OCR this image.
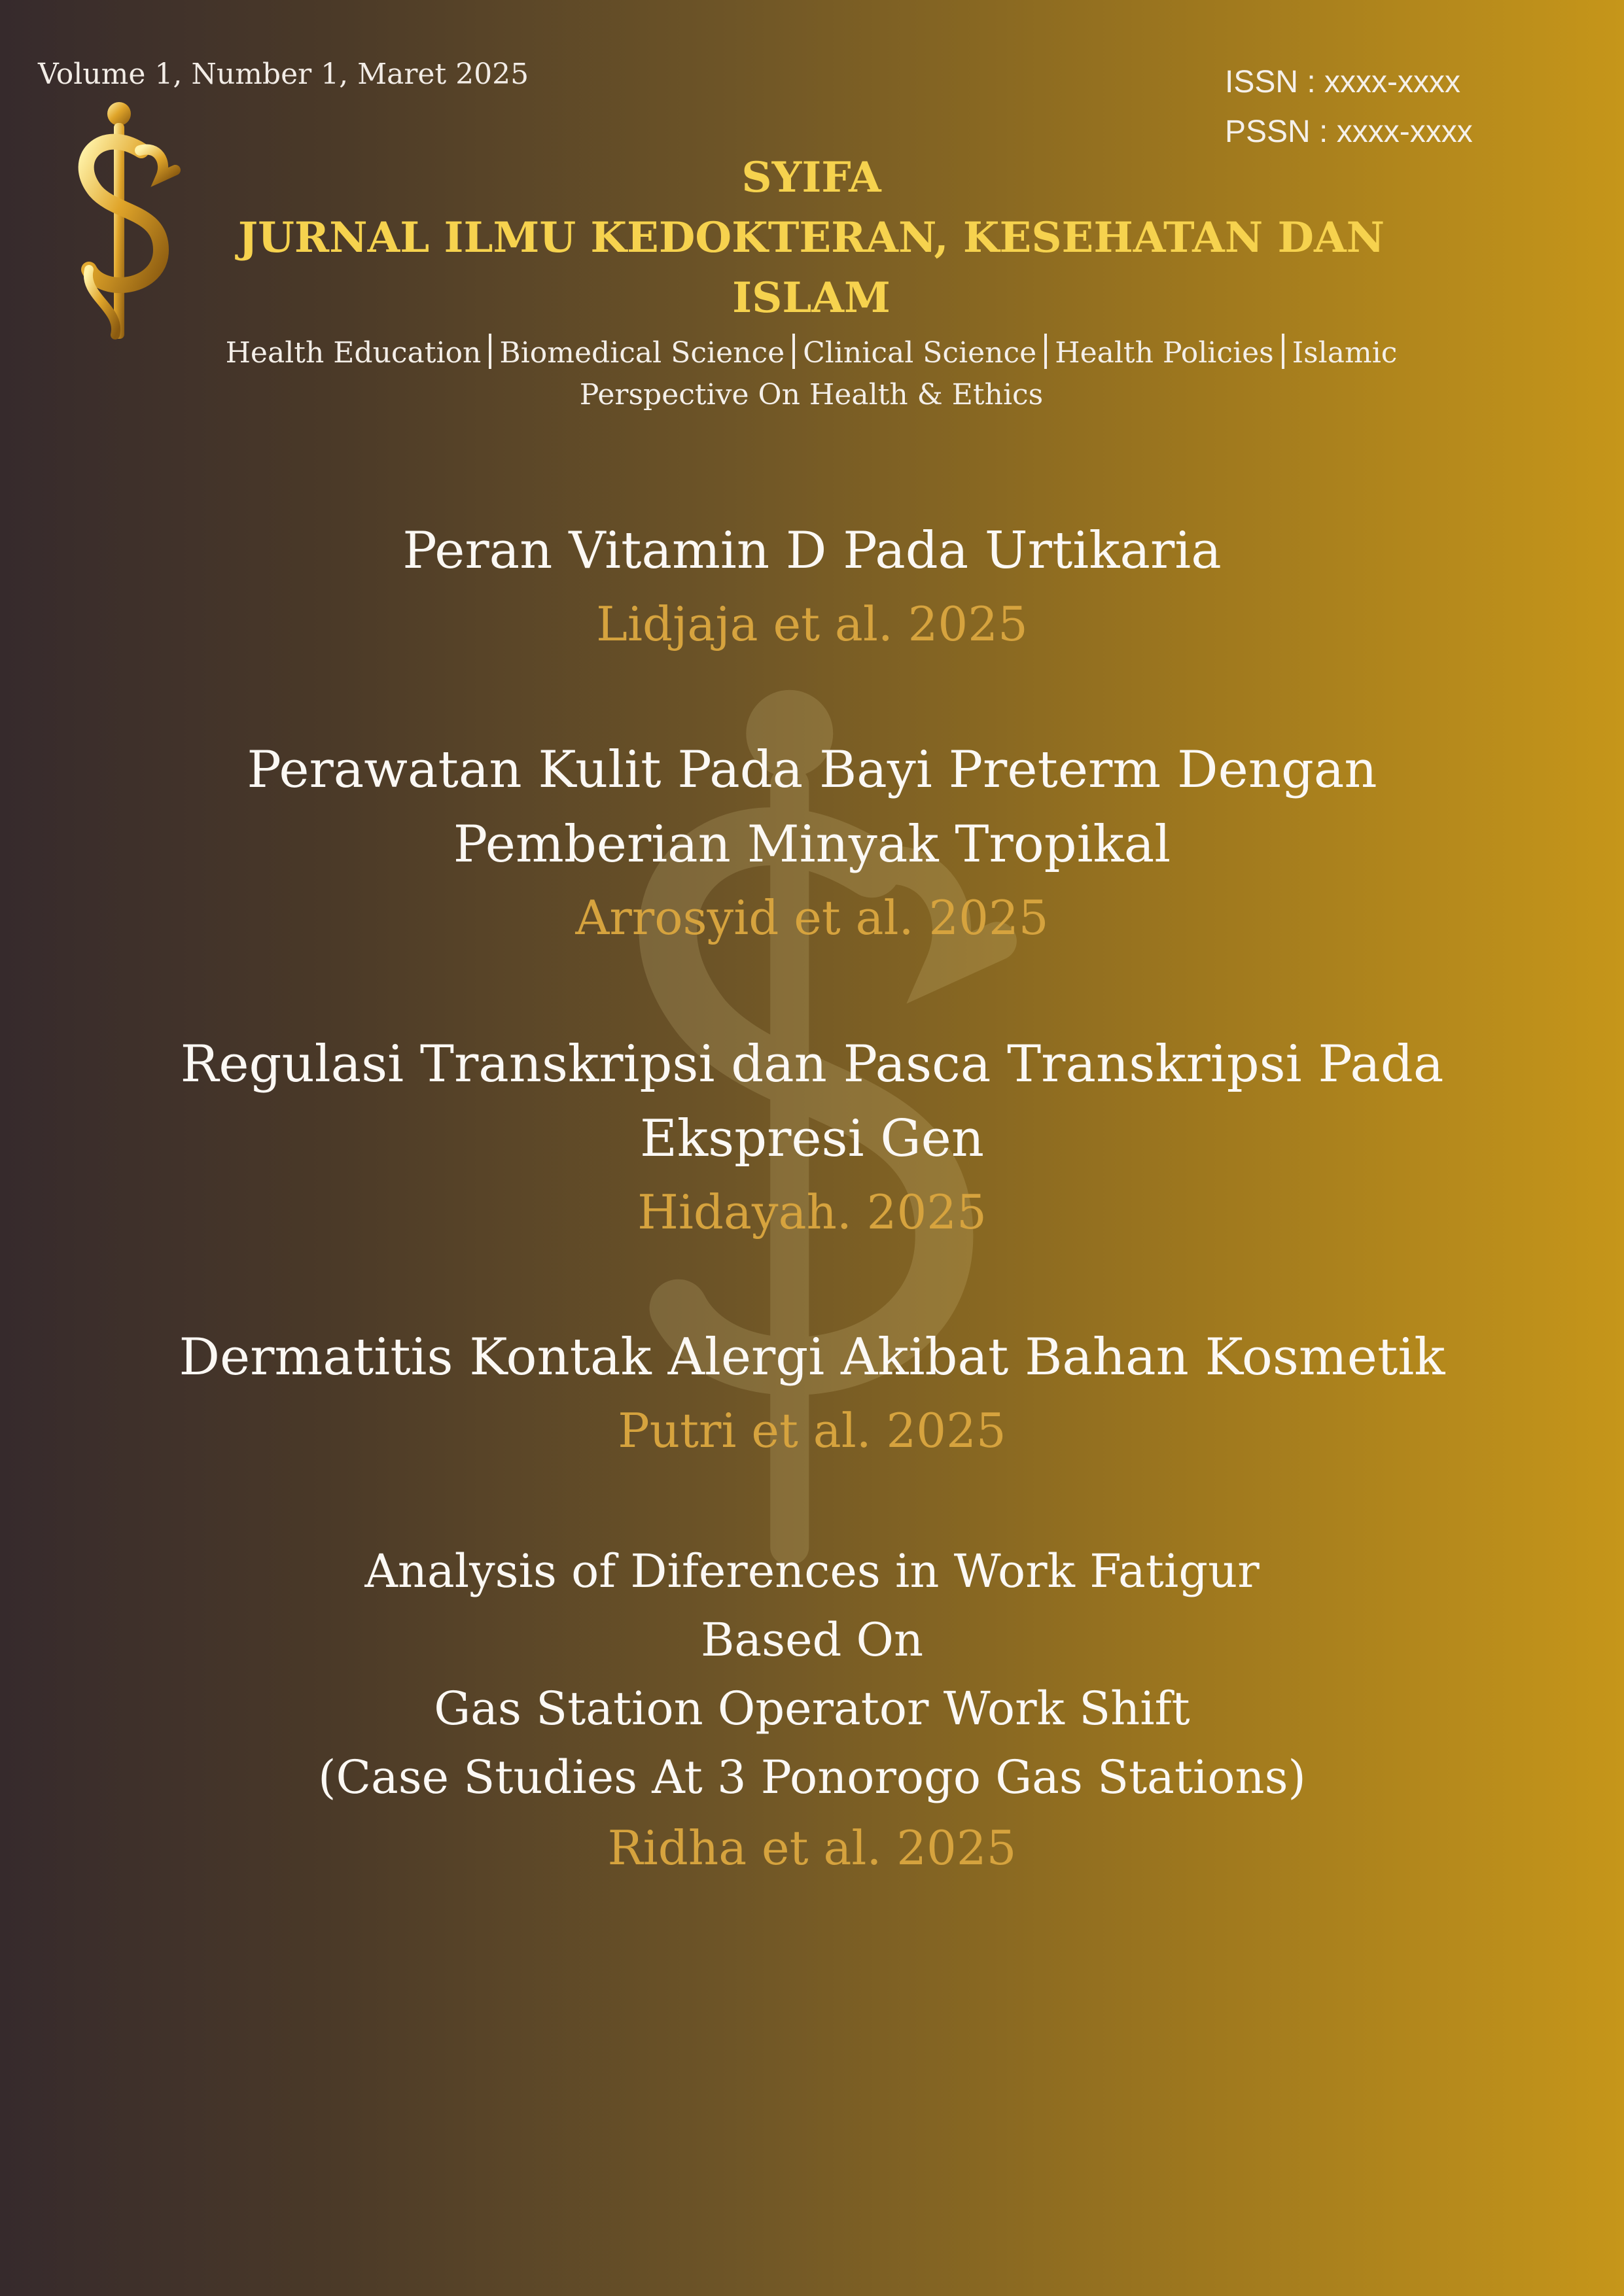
Volume 1, Number 1, Maret 2025	ISSN : xxxx-xxxx
PSSN : xxxx-xxxx
SYIFA
JURNAL ILMU KEDOKTERAN, KESEHATAN DAN ISLAM
Health Education Biomedical Science Clinical Science Health Policies Islamic
Perspective On Health & Ethics
Peran Vitamin D Pada Urtikaria
Lidjaja et al. 2025
Perawatan Kulit Pada Bayi Preterm Dengan
Pemberian Minyak Tropikal
Arrosyid et al. 2025
Regulasi Transkripsi dan Pasca Transkripsi Pada
Ekspresi Gen
Hidayah. 2025
Dermatitis Kontak Alergi Akibat Bahan Kosmetik
Putri et al. 2025
Analysis of Diferences in Work Fatigur
Based On
Gas Station Operator Work Shift
(Case Studies At 3 Ponorogo Gas Stations)
Ridha et al. 2025
